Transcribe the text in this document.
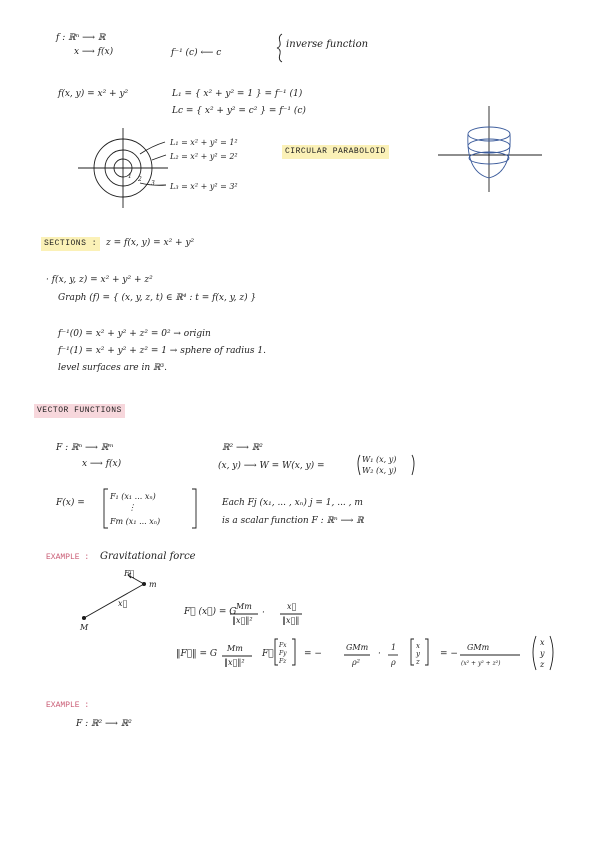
f : ℝⁿ ⟶ ℝ
x ⟶ f(x)	f⁻¹ (c) ⟵ c
inverse function
f(x, y) = x² + y²	L₁ = { x² + y² = 1 } = f⁻¹ (1)
Lc = { x² + y² = c² } = f⁻¹ (c)
L₁ = x² + y² = 1²
L₂ = x² + y² = 2²
L₃ = x² + y² = 3²
CIRCULAR PARABOLOID
1 2
3
SECTIONS : z = f(x, y) = x² + y²
· f(x, y, z) = x² + y² + z²
Graph (f) = { (x, y, z, t) ∈ ℝ⁴ : t = f(x, y, z) }
f⁻¹(0) = x² + y² + z² = 0² → origin
f⁻¹(1) = x² + y² + z² = 1 → sphere of radius 1.
level surfaces are in ℝ³.
VECTOR FUNCTIONS
F : ℝⁿ ⟶ ℝᵐ
x ⟶ f(x)
ℝ² ⟶ ℝ²
(x, y) ⟶ W = W(x, y) =
W₁ (x, y)
W₂ (x, y)
F(x) =
F₁ (x₁ ... xₙ)
⋮
Fm (x₁ ... xₙ)
Each Fj (x₁, ... , xₙ) j = 1, ... , m
is a scalar function F : ℝⁿ ⟶ ℝ
EXAMPLE : Gravitational force
F⃗
m
x⃗
M
F⃗ (x⃗) = G
Mm
‖x⃗‖²
·
x⃗
‖x⃗‖
‖F⃗‖ = G
Mm
‖x⃗‖²
F⃗
Fx
Fy
Fz
= −
GMm
ρ²
·
1
ρ
x
y
z
= −
GMm
(x² + y² + z²)
x
y
z
EXAMPLE :
F : ℝ² ⟶ ℝ²
